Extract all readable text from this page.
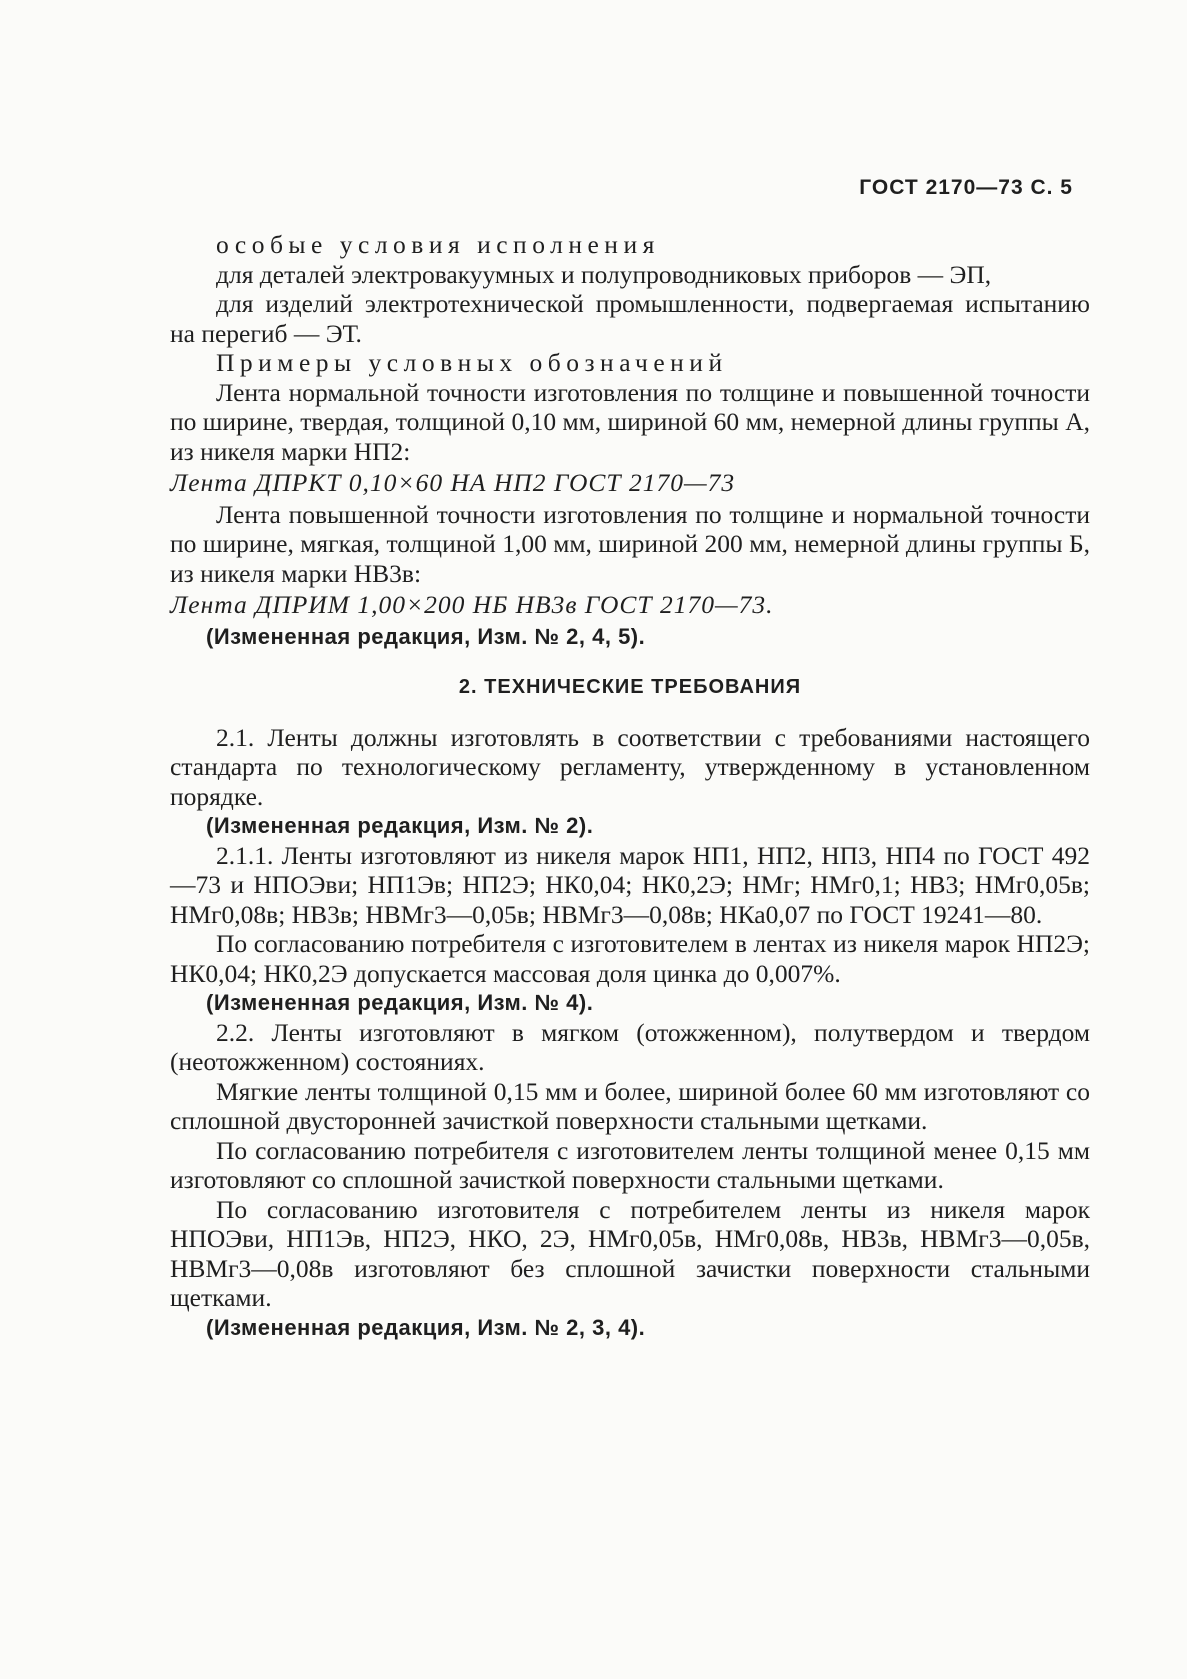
ГОСТ 2170—73 С. 5

особые условия исполнения

для деталей электровакуумных и полупроводниковых приборов — ЭП,

для изделий электротехнической промышленности, подвергаемая испытанию на перегиб — ЭТ.

Примеры условных обозначений

Лента нормальной точности изготовления по толщине и повышенной точности по ширине, твердая, толщиной 0,10 мм, шириной 60 мм, немерной длины группы А, из никеля марки НП2:

Лента ДПРКТ 0,10×60 НА НП2 ГОСТ 2170—73

Лента повышенной точности изготовления по толщине и нормальной точности по ширине, мягкая, толщиной 1,00 мм, шириной 200 мм, немерной длины группы Б, из никеля марки НВ3в:

Лента ДПРИМ 1,00×200 НБ НВ3в ГОСТ 2170—73.

(Измененная редакция, Изм. № 2, 4, 5).

2. ТЕХНИЧЕСКИЕ ТРЕБОВАНИЯ

2.1. Ленты должны изготовлять в соответствии с требованиями настоящего стандарта по технологическому регламенту, утвержденному в установленном порядке.

(Измененная редакция, Изм. № 2).

2.1.1. Ленты изготовляют из никеля марок НП1, НП2, НП3, НП4 по ГОСТ 492—73 и НПОЭви; НП1Эв; НП2Э; НК0,04; НК0,2Э; НМг; НМг0,1; НВ3; НМг0,05в; НМг0,08в; НВ3в; НВМг3—0,05в; НВМг3—0,08в; НКа0,07 по ГОСТ 19241—80.

По согласованию потребителя с изготовителем в лентах из никеля марок НП2Э; НК0,04; НК0,2Э допускается массовая доля цинка до 0,007%.

(Измененная редакция, Изм. № 4).

2.2. Ленты изготовляют в мягком (отожженном), полутвердом и твердом (неотожженном) состояниях.

Мягкие ленты толщиной 0,15 мм и более, шириной более 60 мм изготовляют со сплошной двусторонней зачисткой поверхности стальными щетками.

По согласованию потребителя с изготовителем ленты толщиной менее 0,15 мм изготовляют со сплошной зачисткой поверхности стальными щетками.

По согласованию изготовителя с потребителем ленты из никеля марок НПОЭви, НП1Эв, НП2Э, НКО, 2Э, НМг0,05в, НМг0,08в, НВ3в, НВМг3—0,05в, НВМг3—0,08в изготовляют без сплошной зачистки поверхности стальными щетками.

(Измененная редакция, Изм. № 2, 3, 4).
